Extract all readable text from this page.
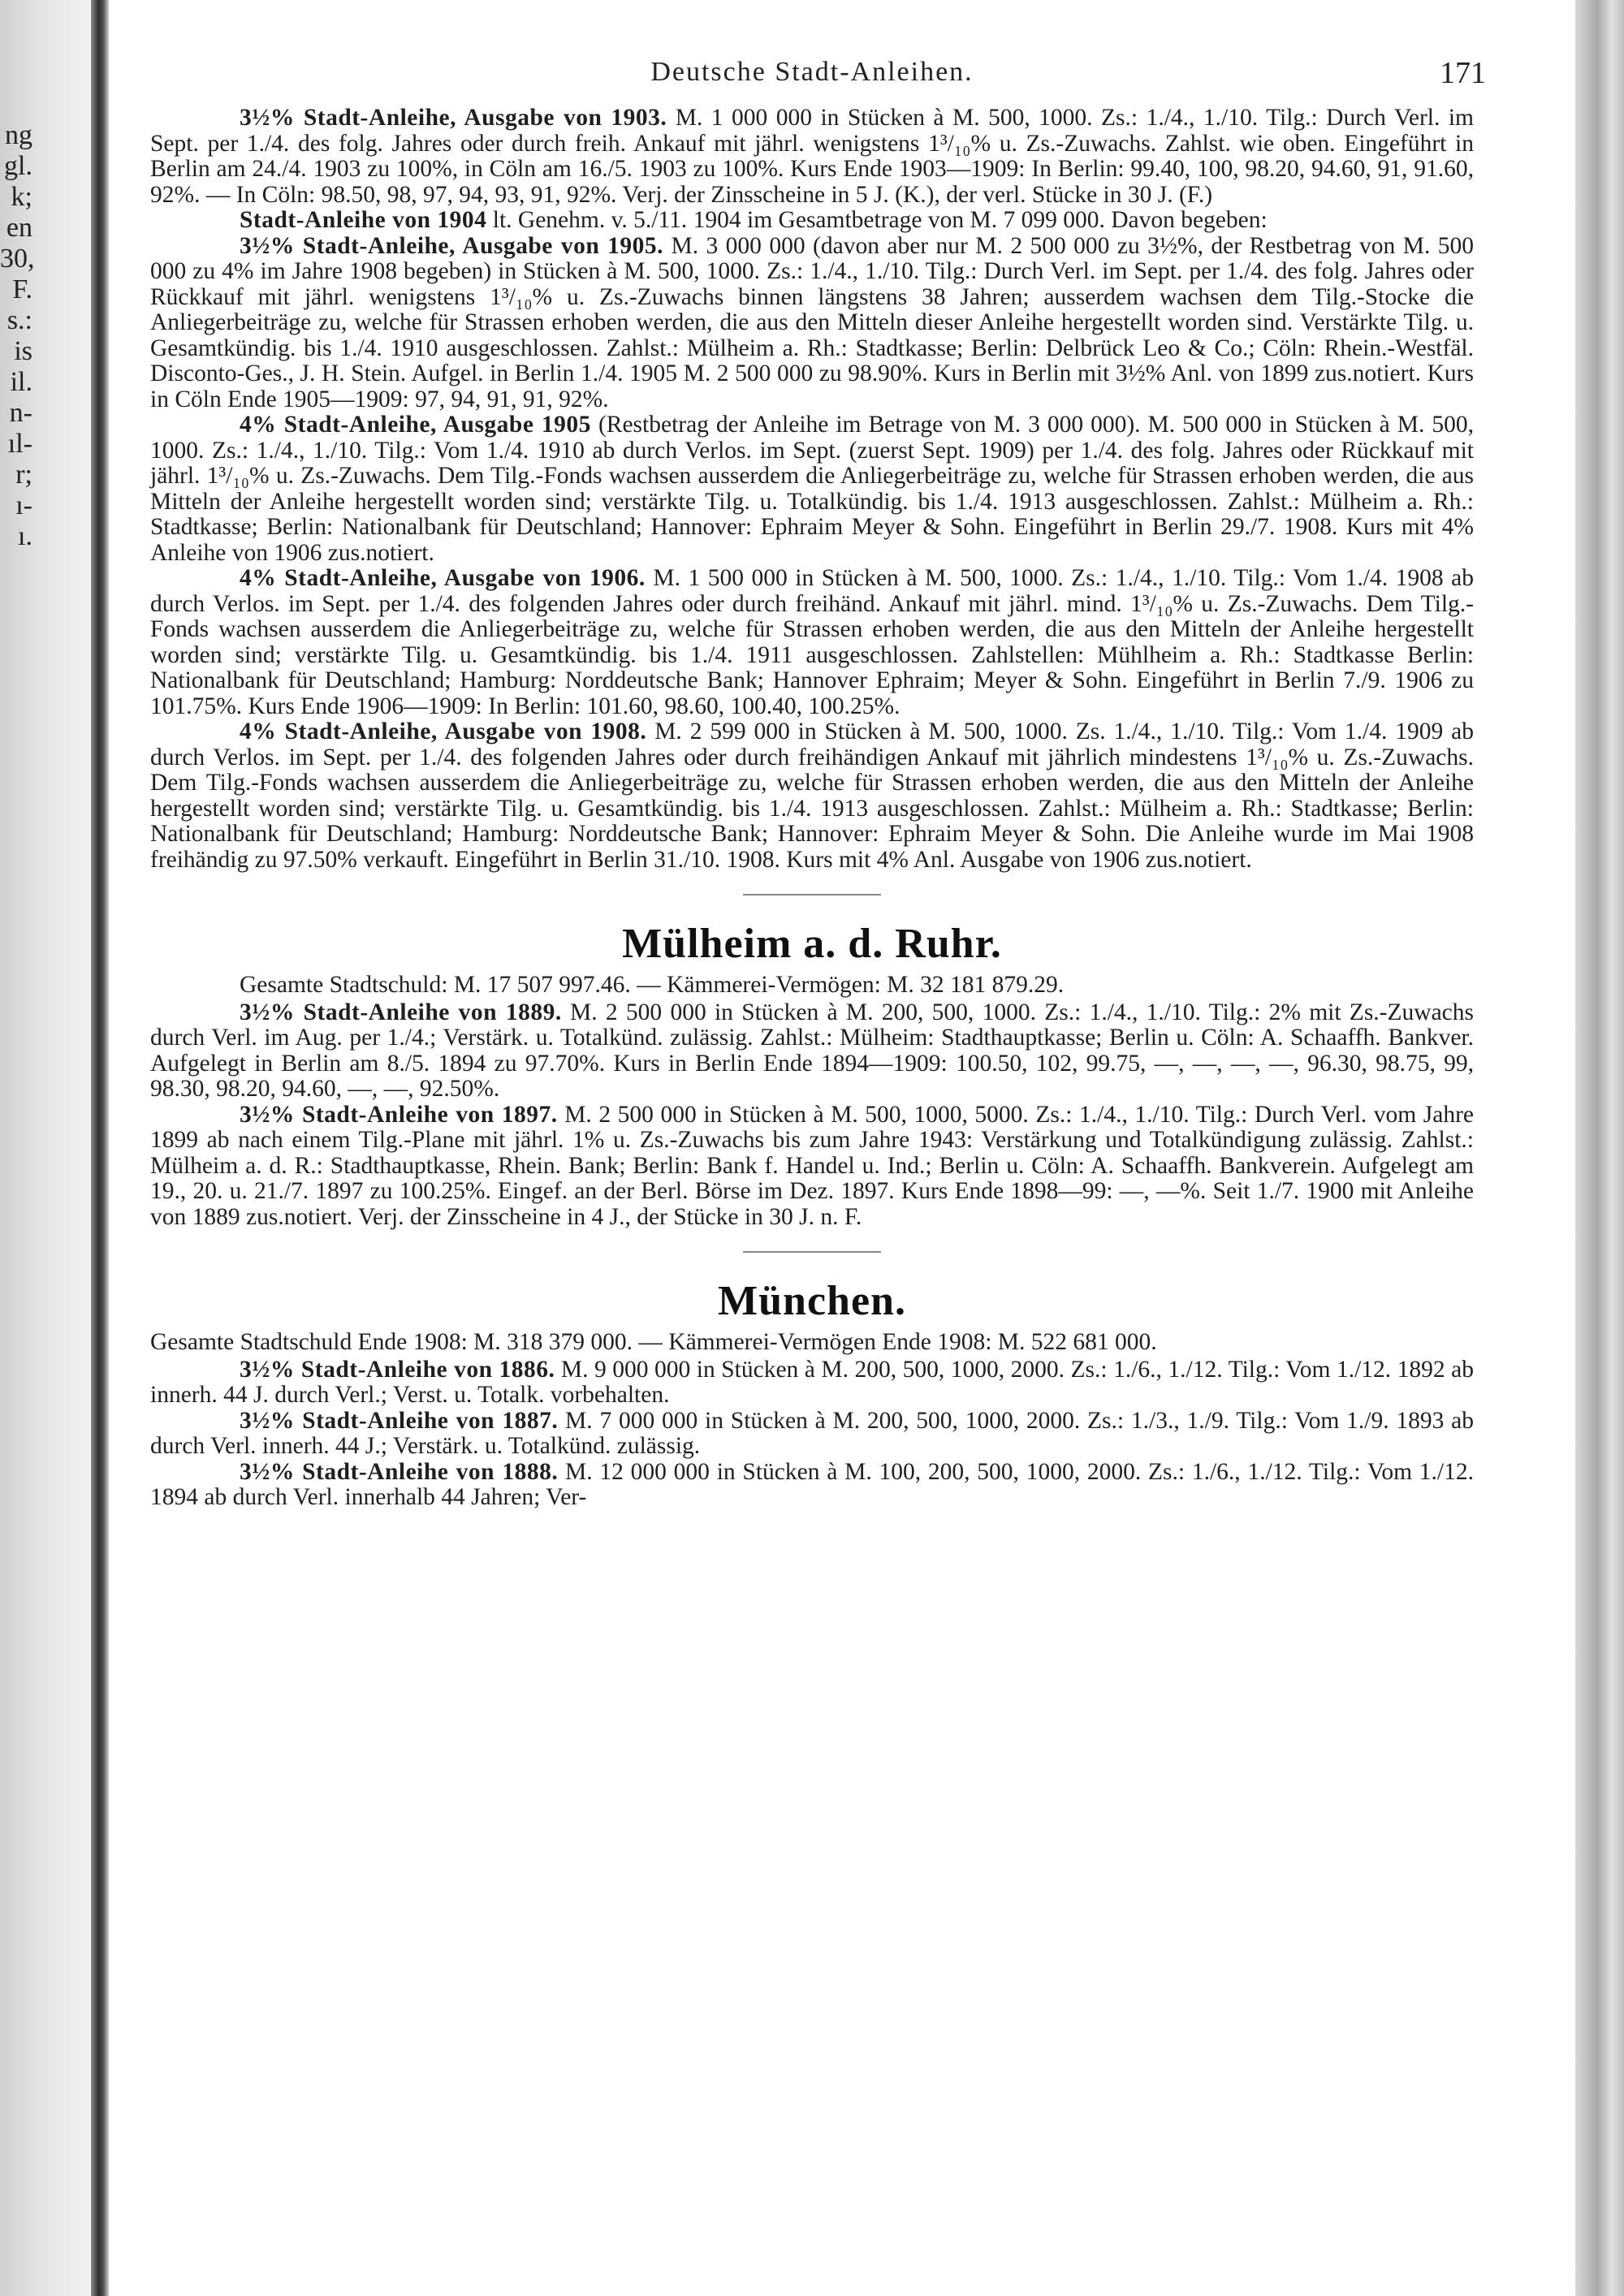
ng
gl.
k;
en
30,
F.
s.:
is
il.
n-
ıl-
r;
ı-
ı.
Deutsche Stadt-Anleihen.	171

3½% Stadt-Anleihe, Ausgabe von 1903. M. 1 000 000 in Stücken à M. 500, 1000. Zs.: 1./4., 1./10. Tilg.: Durch Verl. im Sept. per 1./4. des folg. Jahres oder durch freih. Ankauf mit jährl. wenigstens 1³/₁₀% u. Zs.-Zuwachs. Zahlst. wie oben. Eingeführt in Berlin am 24./4. 1903 zu 100%, in Cöln am 16./5. 1903 zu 100%. Kurs Ende 1903—1909: In Berlin: 99.40, 100, 98.20, 94.60, 91, 91.60, 92%. — In Cöln: 98.50, 98, 97, 94, 93, 91, 92%. Verj. der Zinsscheine in 5 J. (K.), der verl. Stücke in 30 J. (F.)

Stadt-Anleihe von 1904 lt. Genehm. v. 5./11. 1904 im Gesamtbetrage von M. 7 099 000. Davon begeben:

3½% Stadt-Anleihe, Ausgabe von 1905. M. 3 000 000 (davon aber nur M. 2 500 000 zu 3½%, der Restbetrag von M. 500 000 zu 4% im Jahre 1908 begeben) in Stücken à M. 500, 1000. Zs.: 1./4., 1./10. Tilg.: Durch Verl. im Sept. per 1./4. des folg. Jahres oder Rückkauf mit jährl. wenigstens 1³/₁₀% u. Zs.-Zuwachs binnen längstens 38 Jahren; ausserdem wachsen dem Tilg.-Stocke die Anliegerbeiträge zu, welche für Strassen erhoben werden, die aus den Mitteln dieser Anleihe hergestellt worden sind. Verstärkte Tilg. u. Gesamtkündig. bis 1./4. 1910 ausgeschlossen. Zahlst.: Mülheim a. Rh.: Stadtkasse; Berlin: Delbrück Leo & Co.; Cöln: Rhein.-Westfäl. Disconto-Ges., J. H. Stein. Aufgel. in Berlin 1./4. 1905 M. 2 500 000 zu 98.90%. Kurs in Berlin mit 3½% Anl. von 1899 zus.notiert. Kurs in Cöln Ende 1905—1909: 97, 94, 91, 91, 92%.

4% Stadt-Anleihe, Ausgabe 1905 (Restbetrag der Anleihe im Betrage von M. 3 000 000). M. 500 000 in Stücken à M. 500, 1000. Zs.: 1./4., 1./10. Tilg.: Vom 1./4. 1910 ab durch Verlos. im Sept. (zuerst Sept. 1909) per 1./4. des folg. Jahres oder Rückkauf mit jährl. 1³/₁₀% u. Zs.-Zuwachs. Dem Tilg.-Fonds wachsen ausserdem die Anliegerbeiträge zu, welche für Strassen erhoben werden, die aus Mitteln der Anleihe hergestellt worden sind; verstärkte Tilg. u. Totalkündig. bis 1./4. 1913 ausgeschlossen. Zahlst.: Mülheim a. Rh.: Stadtkasse; Berlin: Nationalbank für Deutschland; Hannover: Ephraim Meyer & Sohn. Eingeführt in Berlin 29./7. 1908. Kurs mit 4% Anleihe von 1906 zus.notiert.

4% Stadt-Anleihe, Ausgabe von 1906. M. 1 500 000 in Stücken à M. 500, 1000. Zs.: 1./4., 1./10. Tilg.: Vom 1./4. 1908 ab durch Verlos. im Sept. per 1./4. des folgenden Jahres oder durch freihänd. Ankauf mit jährl. mind. 1³/₁₀% u. Zs.-Zuwachs. Dem Tilg.-Fonds wachsen ausserdem die Anliegerbeiträge zu, welche für Strassen erhoben werden, die aus den Mitteln der Anleihe hergestellt worden sind; verstärkte Tilg. u. Gesamtkündig. bis 1./4. 1911 ausgeschlossen. Zahlstellen: Mühlheim a. Rh.: Stadtkasse Berlin: Nationalbank für Deutschland; Hamburg: Norddeutsche Bank; Hannover Ephraim; Meyer & Sohn. Eingeführt in Berlin 7./9. 1906 zu 101.75%. Kurs Ende 1906—1909: In Berlin: 101.60, 98.60, 100.40, 100.25%.

4% Stadt-Anleihe, Ausgabe von 1908. M. 2 599 000 in Stücken à M. 500, 1000. Zs. 1./4., 1./10. Tilg.: Vom 1./4. 1909 ab durch Verlos. im Sept. per 1./4. des folgenden Jahres oder durch freihändigen Ankauf mit jährlich mindestens 1³/₁₀% u. Zs.-Zuwachs. Dem Tilg.-Fonds wachsen ausserdem die Anliegerbeiträge zu, welche für Strassen erhoben werden, die aus den Mitteln der Anleihe hergestellt worden sind; verstärkte Tilg. u. Gesamtkündig. bis 1./4. 1913 ausgeschlossen. Zahlst.: Mülheim a. Rh.: Stadtkasse; Berlin: Nationalbank für Deutschland; Hamburg: Norddeutsche Bank; Hannover: Ephraim Meyer & Sohn. Die Anleihe wurde im Mai 1908 freihändig zu 97.50% verkauft. Eingeführt in Berlin 31./10. 1908. Kurs mit 4% Anl. Ausgabe von 1906 zus.notiert.

Mülheim a. d. Ruhr.

Gesamte Stadtschuld: M. 17 507 997.46. — Kämmerei-Vermögen: M. 32 181 879.29.

3½% Stadt-Anleihe von 1889. M. 2 500 000 in Stücken à M. 200, 500, 1000. Zs.: 1./4., 1./10. Tilg.: 2% mit Zs.-Zuwachs durch Verl. im Aug. per 1./4.; Verstärk. u. Totalkünd. zulässig. Zahlst.: Mülheim: Stadthauptkasse; Berlin u. Cöln: A. Schaaffh. Bankver. Aufgelegt in Berlin am 8./5. 1894 zu 97.70%. Kurs in Berlin Ende 1894—1909: 100.50, 102, 99.75, —, —, —, —, 96.30, 98.75, 99, 98.30, 98.20, 94.60, —, —, 92.50%.

3½% Stadt-Anleihe von 1897. M. 2 500 000 in Stücken à M. 500, 1000, 5000. Zs.: 1./4., 1./10. Tilg.: Durch Verl. vom Jahre 1899 ab nach einem Tilg.-Plane mit jährl. 1% u. Zs.-Zuwachs bis zum Jahre 1943: Verstärkung und Totalkündigung zulässig. Zahlst.: Mülheim a. d. R.: Stadthauptkasse, Rhein. Bank; Berlin: Bank f. Handel u. Ind.; Berlin u. Cöln: A. Schaaffh. Bankverein. Aufgelegt am 19., 20. u. 21./7. 1897 zu 100.25%. Eingef. an der Berl. Börse im Dez. 1897. Kurs Ende 1898—99: —, —%. Seit 1./7. 1900 mit Anleihe von 1889 zus.notiert. Verj. der Zinsscheine in 4 J., der Stücke in 30 J. n. F.

München.

Gesamte Stadtschuld Ende 1908: M. 318 379 000. — Kämmerei-Vermögen Ende 1908: M. 522 681 000.

3½% Stadt-Anleihe von 1886. M. 9 000 000 in Stücken à M. 200, 500, 1000, 2000. Zs.: 1./6., 1./12. Tilg.: Vom 1./12. 1892 ab innerh. 44 J. durch Verl.; Verst. u. Totalk. vorbehalten.

3½% Stadt-Anleihe von 1887. M. 7 000 000 in Stücken à M. 200, 500, 1000, 2000. Zs.: 1./3., 1./9. Tilg.: Vom 1./9. 1893 ab durch Verl. innerh. 44 J.; Verstärk. u. Totalkünd. zulässig.

3½% Stadt-Anleihe von 1888. M. 12 000 000 in Stücken à M. 100, 200, 500, 1000, 2000. Zs.: 1./6., 1./12. Tilg.: Vom 1./12. 1894 ab durch Verl. innerhalb 44 Jahren; Ver-
